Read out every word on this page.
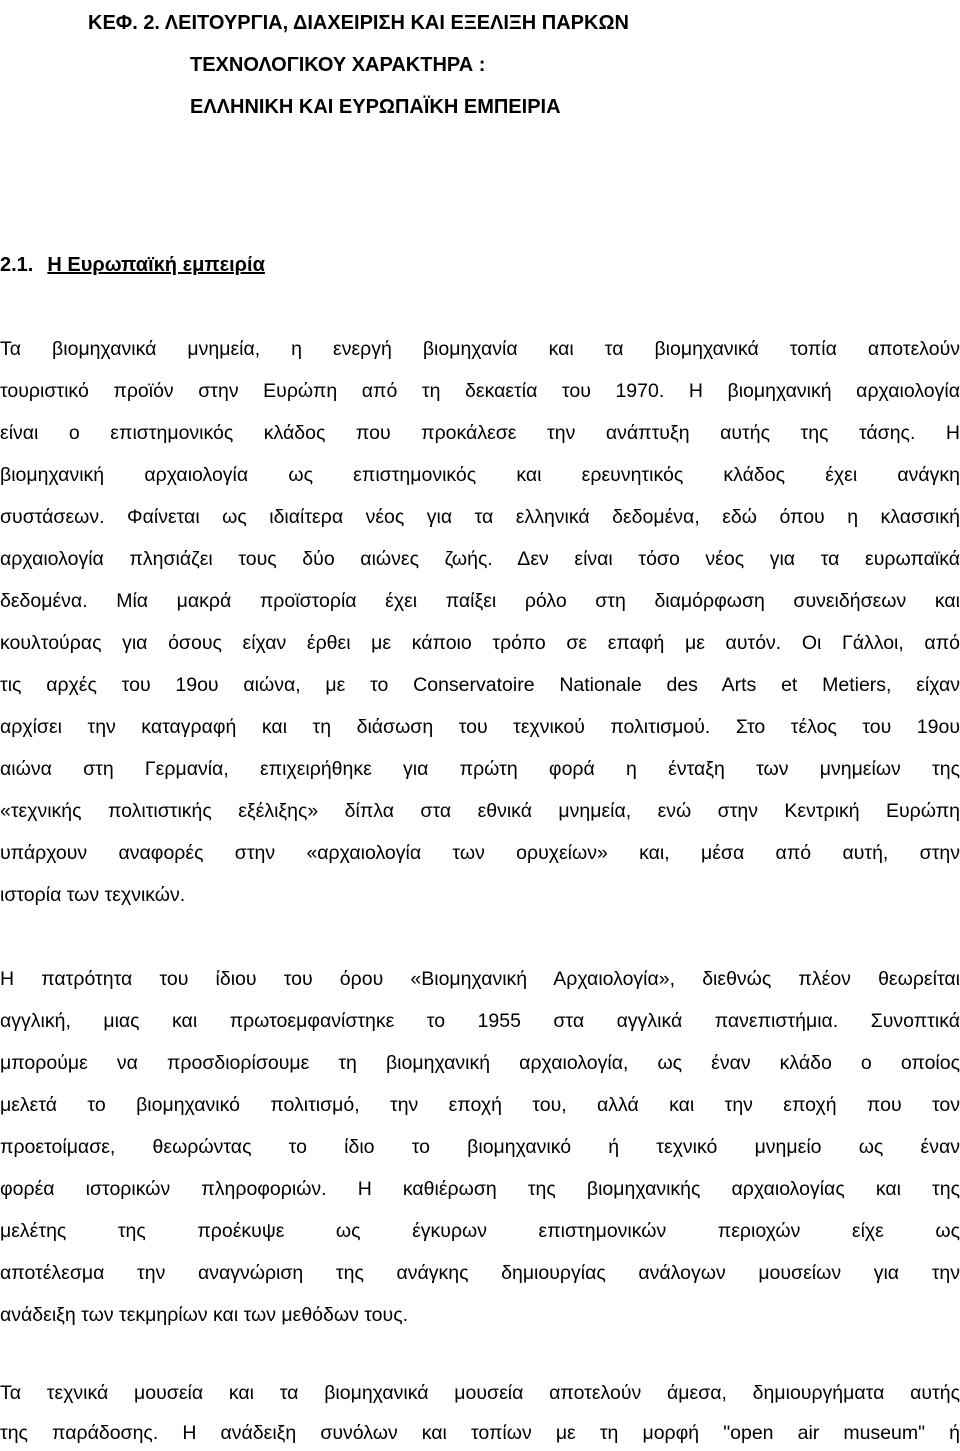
ΚΕΦ. 2. ΛΕΙΤΟΥΡΓΙΑ, ΔΙΑΧΕΙΡΙΣΗ ΚΑΙ ΕΞΕΛΙΞΗ ΠΑΡΚΩΝ
ΤΕΧΝΟΛΟΓΙΚΟΥ ΧΑΡΑΚΤΗΡΑ :
ΕΛΛΗΝΙΚΗ ΚΑΙ ΕΥΡΩΠΑΪΚΗ ΕΜΠΕΙΡΙΑ
2.1. Η Ευρωπαϊκή εμπειρία
Τα βιομηχανικά μνημεία, η ενεργή βιομηχανία και τα βιομηχανικά τοπία αποτελούν
τουριστικό προϊόν στην Ευρώπη από τη δεκαετία του 1970. Η βιομηχανική αρχαιολογία
είναι ο επιστημονικός κλάδος που προκάλεσε την ανάπτυξη αυτής της τάσης. Η
βιομηχανική αρχαιολογία ως επιστημονικός και ερευνητικός κλάδος έχει ανάγκη
συστάσεων. Φαίνεται ως ιδιαίτερα νέος για τα ελληνικά δεδομένα, εδώ όπου η κλασσική
αρχαιολογία πλησιάζει τους δύο αιώνες ζωής. Δεν είναι τόσο νέος για τα ευρωπαϊκά
δεδομένα. Μία μακρά προϊστορία έχει παίξει ρόλο στη διαμόρφωση συνειδήσεων και
κουλτούρας για όσους είχαν έρθει με κάποιο τρόπο σε επαφή με αυτόν. Οι Γάλλοι, από
τις αρχές του 19ου αιώνα, με το Conservatoire Nationale des Arts et Metiers, είχαν
αρχίσει την καταγραφή και τη διάσωση του τεχνικού πολιτισμού. Στο τέλος του 19ου
αιώνα στη Γερμανία, επιχειρήθηκε για πρώτη φορά η ένταξη των μνημείων της
«τεχνικής πολιτιστικής εξέλιξης» δίπλα στα εθνικά μνημεία, ενώ στην Κεντρική Ευρώπη
υπάρχουν αναφορές στην «αρχαιολογία των ορυχείων» και, μέσα από αυτή, στην
ιστορία των τεχνικών.
Η πατρότητα του ίδιου του όρου «Βιομηχανική Αρχαιολογία», διεθνώς πλέον θεωρείται
αγγλική, μιας και πρωτοεμφανίστηκε το 1955 στα αγγλικά πανεπιστήμια. Συνοπτικά
μπορούμε να προσδιορίσουμε τη βιομηχανική αρχαιολογία, ως έναν κλάδο ο οποίος
μελετά το βιομηχανικό πολιτισμό, την εποχή του, αλλά και την εποχή που τον
προετοίμασε, θεωρώντας το ίδιο το βιομηχανικό ή τεχνικό μνημείο ως έναν
φορέα ιστορικών πληροφοριών. Η καθιέρωση της βιομηχανικής αρχαιολογίας και της
μελέτης της προέκυψε ως έγκυρων επιστημονικών περιοχών είχε ως
αποτέλεσμα την αναγνώριση της ανάγκης δημιουργίας ανάλογων μουσείων για την
ανάδειξη των τεκμηρίων και των μεθόδων τους.
Τα τεχνικά μουσεία και τα βιομηχανικά μουσεία αποτελούν άμεσα, δημιουργήματα αυτής
της παράδοσης. Η ανάδειξη συνόλων και τοπίων με τη μορφή "open air museum" ή
